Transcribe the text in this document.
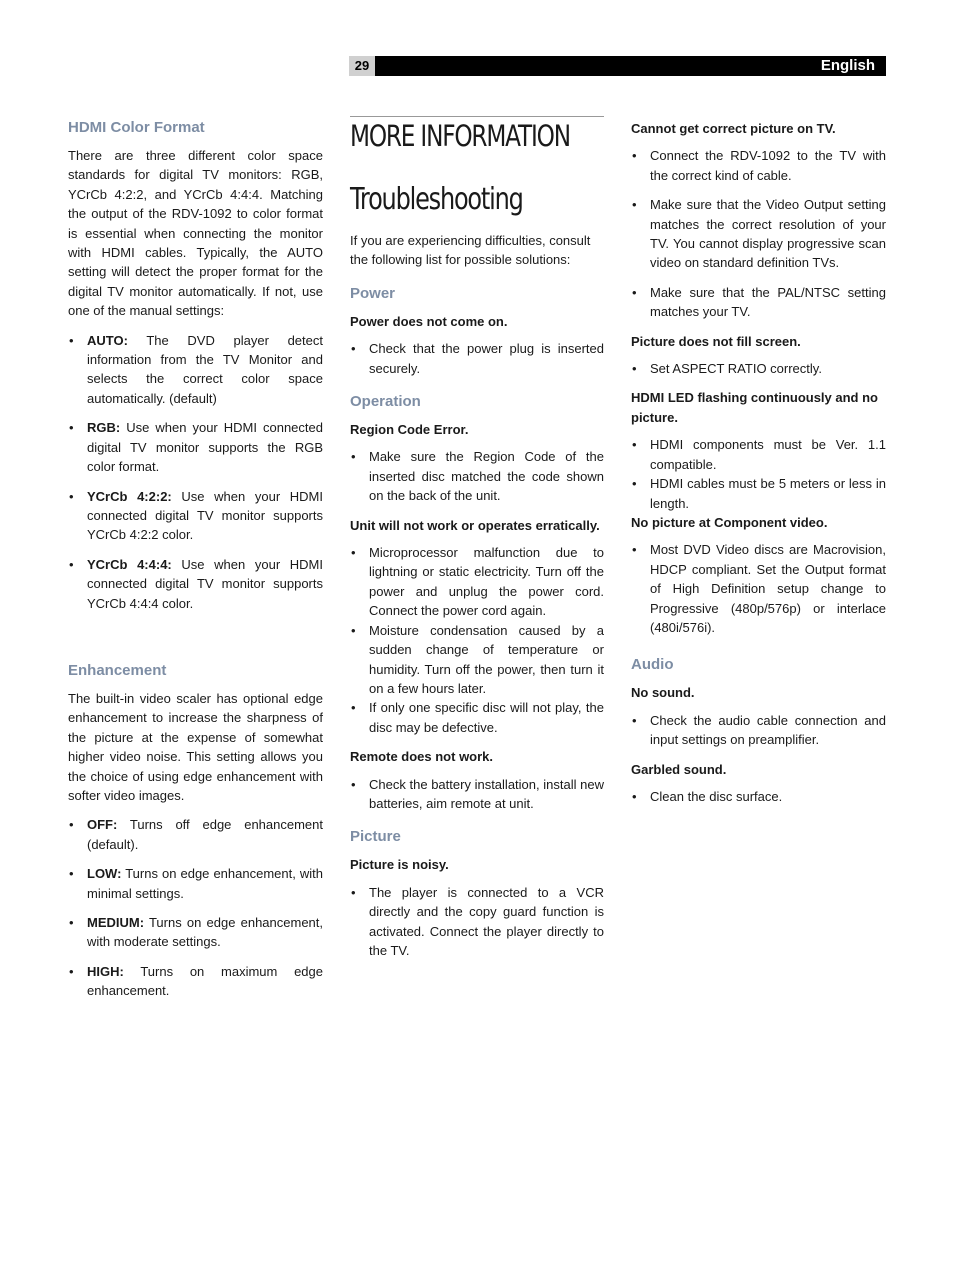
29	English
HDMI Color Format

There are three different color space standards for digital TV monitors: RGB, YCrCb 4:2:2, and YCrCb 4:4:4. Matching the output of the RDV-1092 to color format is essential when connecting the monitor with HDMI cables. Typically, the AUTO setting will detect the proper format for the digital TV monitor automatically. If not, use one of the manual settings:

• AUTO: The DVD player detect information from the TV Monitor and selects the correct color space automatically. (default)
• RGB: Use when your HDMI connected digital TV monitor supports the RGB color format.
• YCrCb 4:2:2: Use when your HDMI connected digital TV monitor supports YCrCb 4:2:2 color.
• YCrCb 4:4:4: Use when your HDMI connected digital TV monitor supports YCrCb 4:4:4 color.
Enhancement

The built-in video scaler has optional edge enhancement to increase the sharpness of the picture at the expense of somewhat higher video noise. This setting allows you the choice of using edge enhancement with softer video images.

• OFF: Turns off edge enhancement (default).
• LOW: Turns on edge enhancement, with minimal settings.
• MEDIUM: Turns on edge enhancement, with moderate settings.
• HIGH: Turns on maximum edge enhancement.
MORE INFORMATION
Troubleshooting

If you are experiencing difficulties, consult the following list for possible solutions:

Power
Power does not come on.
• Check that the power plug is inserted securely.
Operation
Region Code Error.
• Make sure the Region Code of the inserted disc matched the code shown on the back of the unit.
Unit will not work or operates erratically.
• Microprocessor malfunction due to lightning or static electricity. Turn off the power and unplug the power cord. Connect the power cord again.
• Moisture condensation caused by a sudden change of temperature or humidity. Turn off the power, then turn it on a few hours later.
• If only one specific disc will not play, the disc may be defective.
Remote does not work.
• Check the battery installation, install new batteries, aim remote at unit.
Picture
Picture is noisy.
• The player is connected to a VCR directly and the copy guard function is activated. Connect the player directly to the TV.
Cannot get correct picture on TV.
• Connect the RDV-1092 to the TV with the correct kind of cable.
• Make sure that the Video Output setting matches the correct resolution of your TV. You cannot display progressive scan video on standard definition TVs.
• Make sure that the PAL/NTSC setting matches your TV.
Picture does not fill screen.
• Set ASPECT RATIO correctly.
HDMI LED flashing continuously and no picture.
• HDMI components must be Ver. 1.1 compatible.
• HDMI cables must be 5 meters or less in length.
No picture at Component video.
• Most DVD Video discs are Macrovision, HDCP compliant. Set the Output format of High Definition setup change to Progressive (480p/576p) or interlace (480i/576i).
Audio
No sound.
• Check the audio cable connection and input settings on preamplifier.
Garbled sound.
• Clean the disc surface.
